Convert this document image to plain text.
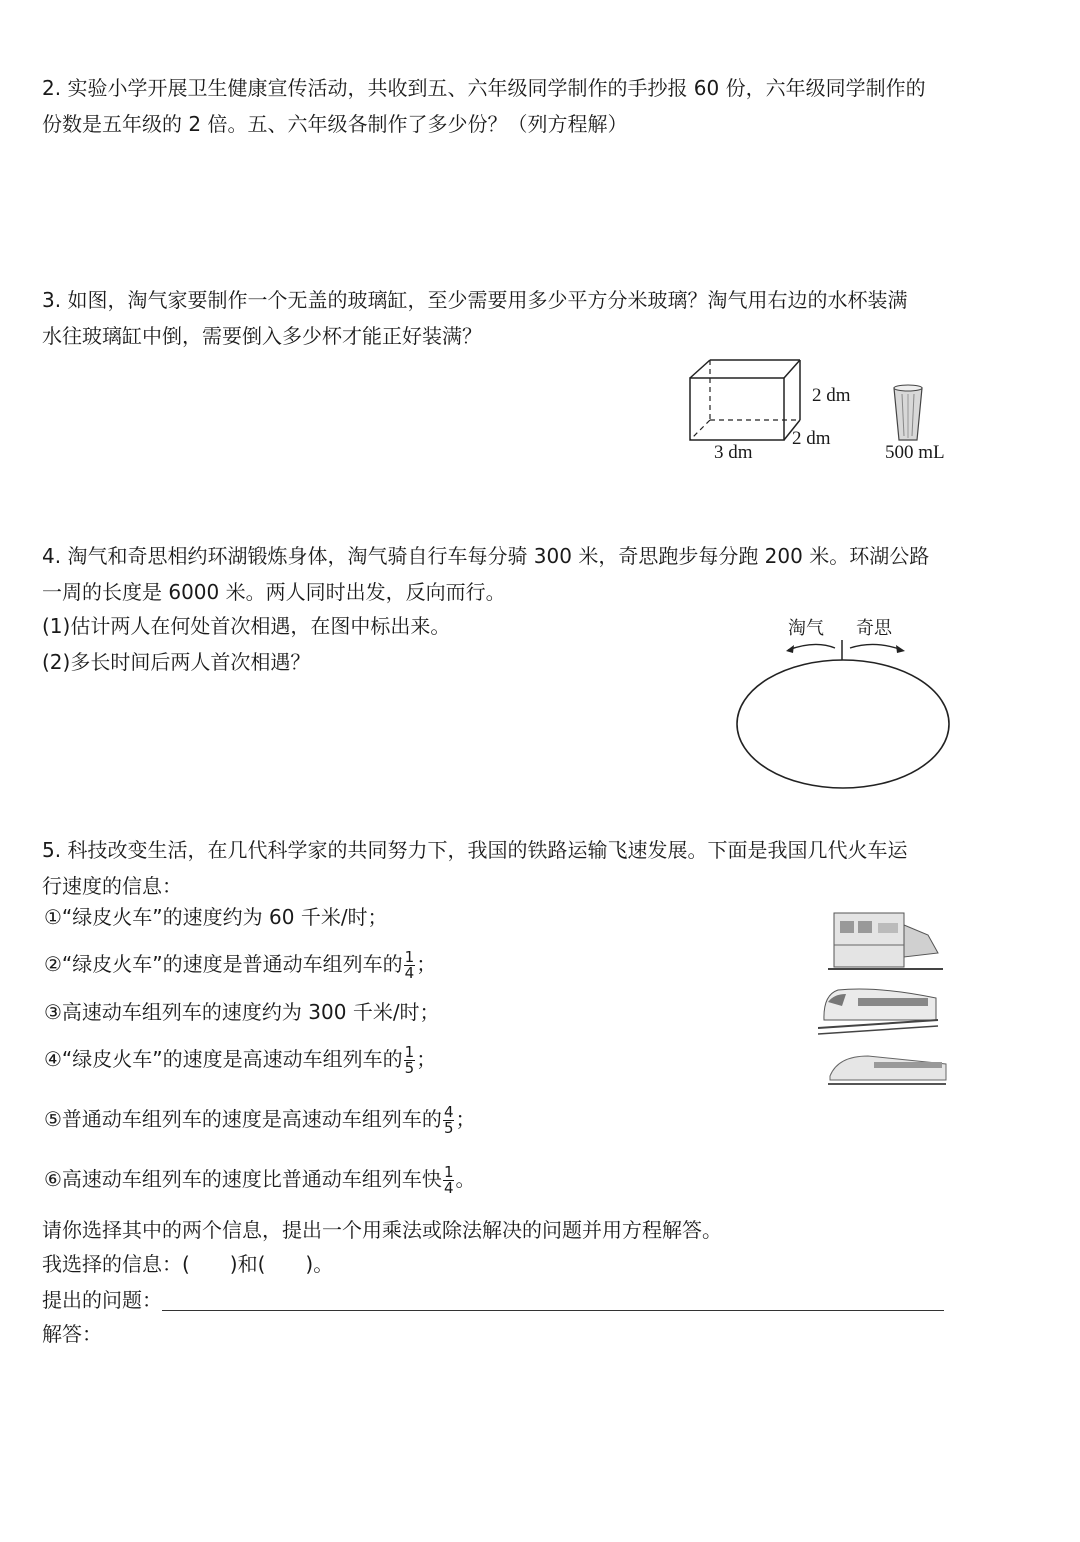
2. 实验小学开展卫生健康宣传活动，共收到五、六年级同学制作的手抄报 60 份，六年级同学制作的
份数是五年级的 2 倍。五、六年级各制作了多少份？（列方程解）
3. 如图，淘气家要制作一个无盖的玻璃缸，至少需要用多少平方分米玻璃？淘气用右边的水杯装满
水往玻璃缸中倒，需要倒入多少杯才能正好装满？
2 dm
2 dm
3 dm	500 mL
4. 淘气和奇思相约环湖锻炼身体，淘气骑自行车每分骑 300 米，奇思跑步每分跑 200 米。环湖公路
一周的长度是 6000 米。两人同时出发，反向而行。
(1)估计两人在何处首次相遇，在图中标出来。
(2)多长时间后两人首次相遇？
淘气 奇思
5. 科技改变生活，在几代科学家的共同努力下，我国的铁路运输飞速发展。下面是我国几代火车运
行速度的信息：
①“绿皮火车”的速度约为 60 千米/时；
②“绿皮火车”的速度是普通动车组列车的 $\frac{1}{4}$ ；
③高速动车组列车的速度约为 300 千米/时；
④“绿皮火车”的速度是高速动车组列车的 $\frac{1}{5}$ ；
⑤普通动车组列车的速度是高速动车组列车的 $\frac{4}{5}$ ；
⑥高速动车组列车的速度比普通动车组列车快 $\frac{1}{4}$ 。
请你选择其中的两个信息，提出一个用乘法或除法解决的问题并用方程解答。
我选择的信息：(　　)和(　　)。
提出的问题：
解答：
